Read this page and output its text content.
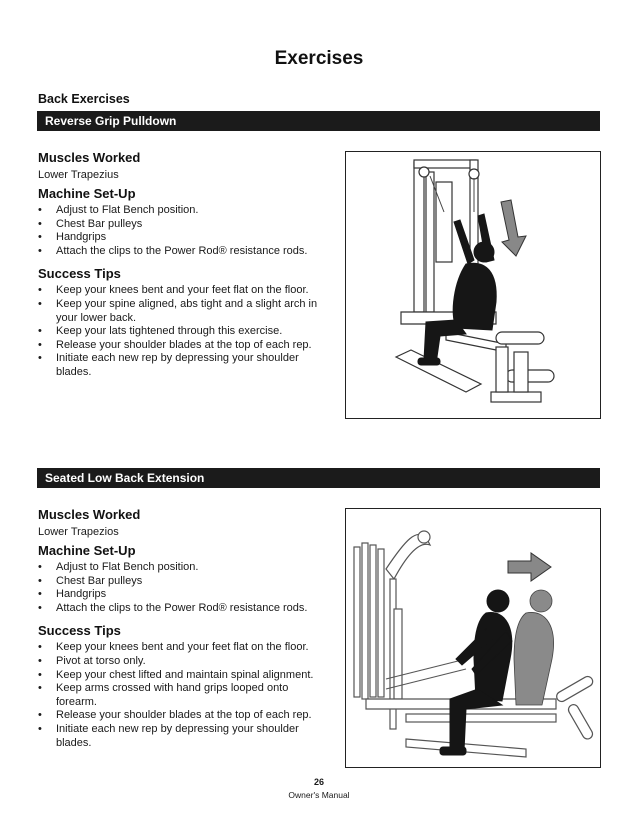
Exercises
Back Exercises
Reverse Grip Pulldown

Muscles Worked

Lower Trapezius

Machine Set-Up

• Adjust to Flat Bench position.
• Chest Bar pulleys
• Handgrips
• Attach the clips to the Power Rod® resistance rods.

Success Tips

• Keep your knees bent and your feet flat on the floor.
• Keep your spine aligned, abs tight and a slight arch in your lower back.
• Keep your lats tightened through this exercise.
• Release your shoulder blades at the top of each rep.
• Initiate each new rep by depressing your shoulder blades.
Seated Low Back Extension

Muscles Worked

Lower Trapezios

Machine Set-Up

• Adjust to Flat Bench position.
• Chest Bar pulleys
• Handgrips
• Attach the clips to the Power Rod® resistance rods.

Success Tips

• Keep your knees bent and your feet flat on the floor.
• Pivot at torso only.
• Keep your chest lifted and maintain spinal alignment.
• Keep arms crossed with hand grips looped onto forearm.
• Release your shoulder blades at the top of each rep.
• Initiate each new rep by depressing your shoulder blades.
26
Owner's Manual
